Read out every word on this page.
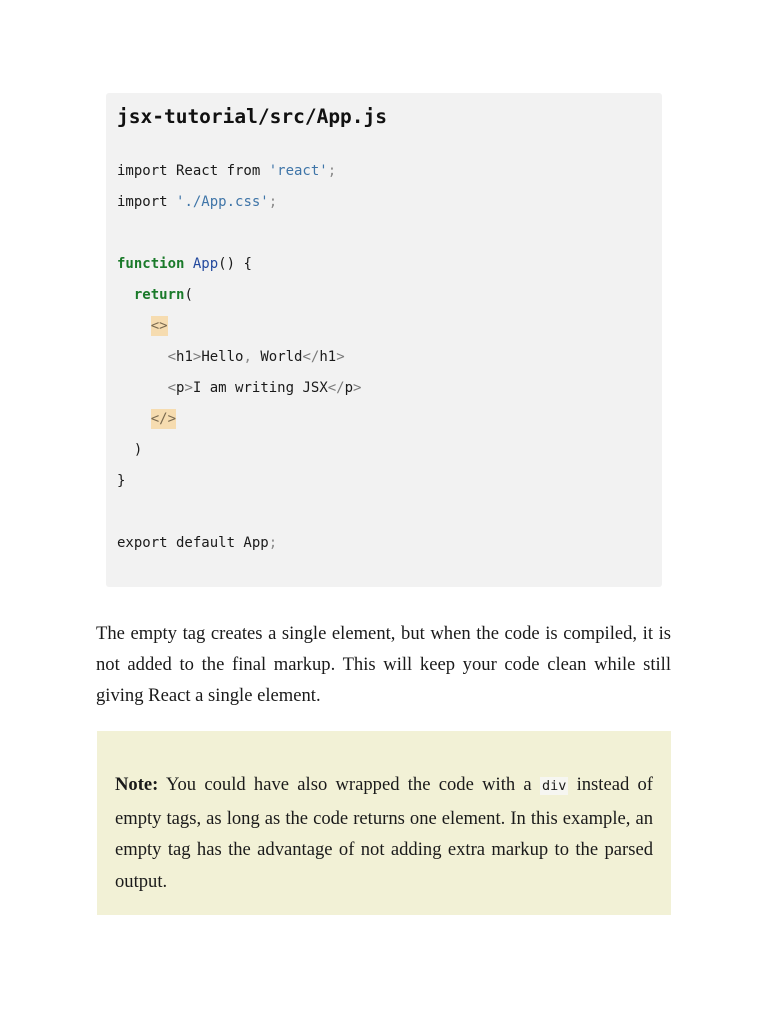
jsx-tutorial/src/App.js
import React from 'react';
import './App.css';
function App() {
return(
<>
<h1>Hello, World</h1>
<p>I am writing JSX</p>
</>
)
}
export default App;

The empty tag creates a single element, but when the code is compiled, it is not added to the final markup. This will keep your code clean while still giving React a single element.

Note: You could have also wrapped the code with a div instead of empty tags, as long as the code returns one element. In this example, an empty tag has the advantage of not adding extra markup to the parsed output.
